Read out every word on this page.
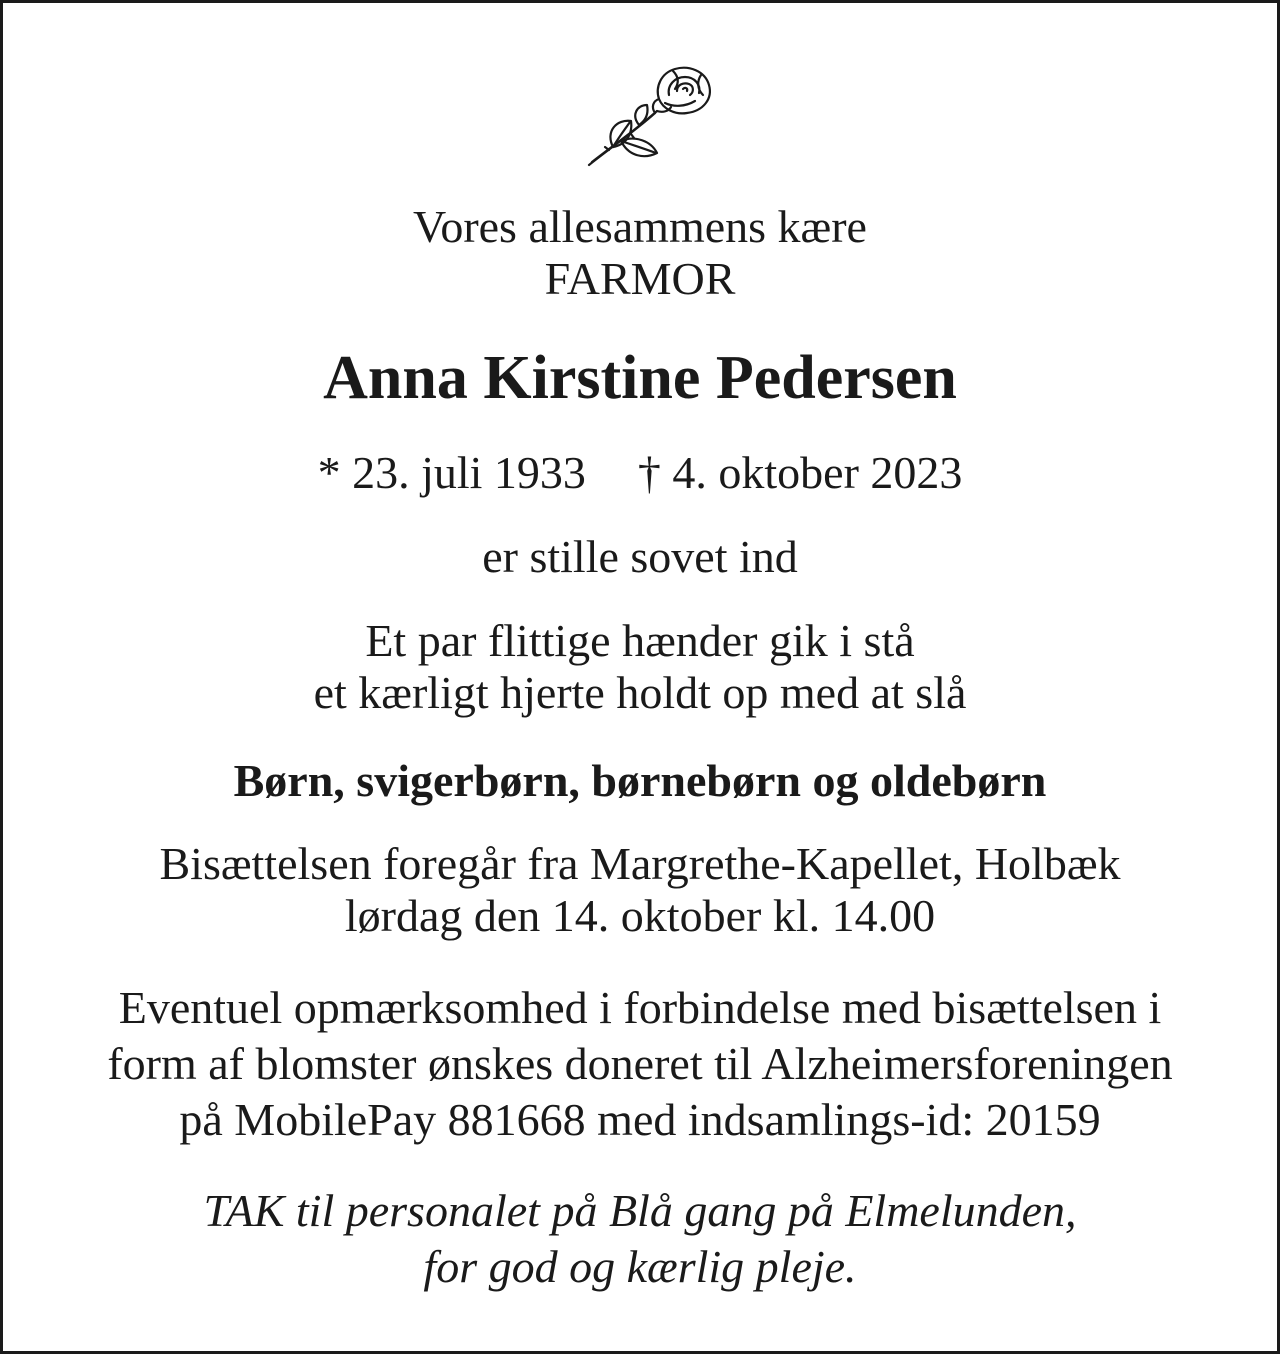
Vores allesammens kære
FARMOR
Anna Kirstine Pedersen
* 23. juli 1933 † 4. oktober 2023
er stille sovet ind
Et par flittige hænder gik i stå
et kærligt hjerte holdt op med at slå
Børn, svigerbørn, børnebørn og oldebørn
Bisættelsen foregår fra Margrethe-Kapellet, Holbæk
lørdag den 14. oktober kl. 14.00
Eventuel opmærksomhed i forbindelse med bisættelsen i
form af blomster ønskes doneret til Alzheimersforeningen
på MobilePay 881668 med indsamlings-id: 20159
TAK til personalet på Blå gang på Elmelunden,
for god og kærlig pleje.
